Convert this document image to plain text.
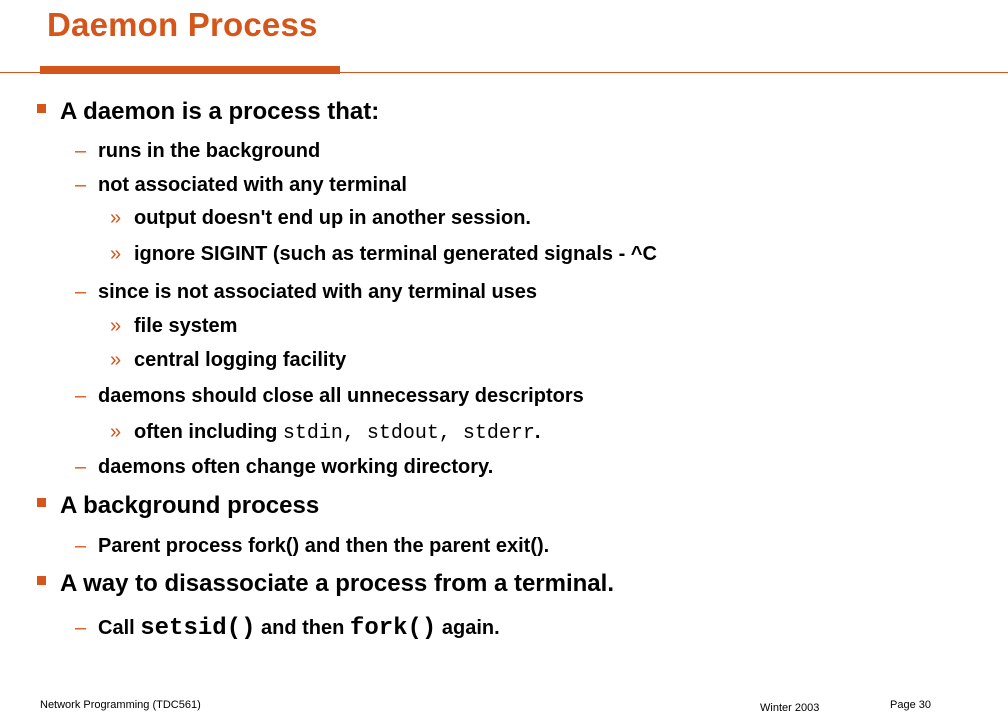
Daemon Process
A daemon is a process that:
– runs in the background
– not associated with any terminal
» output doesn't end up in another session.
» ignore SIGINT (such as terminal generated signals - ^C
– since is not associated with any terminal uses
» file system
» central logging facility
– daemons should close all unnecessary descriptors
» often including stdin, stdout, stderr.
– daemons often change working directory.
A background process
– Parent process fork() and then the parent exit().
A way to disassociate a process from a terminal.
– Call setsid() and then fork() again.
Network Programming (TDC561)	Winter 2003	Page 30
